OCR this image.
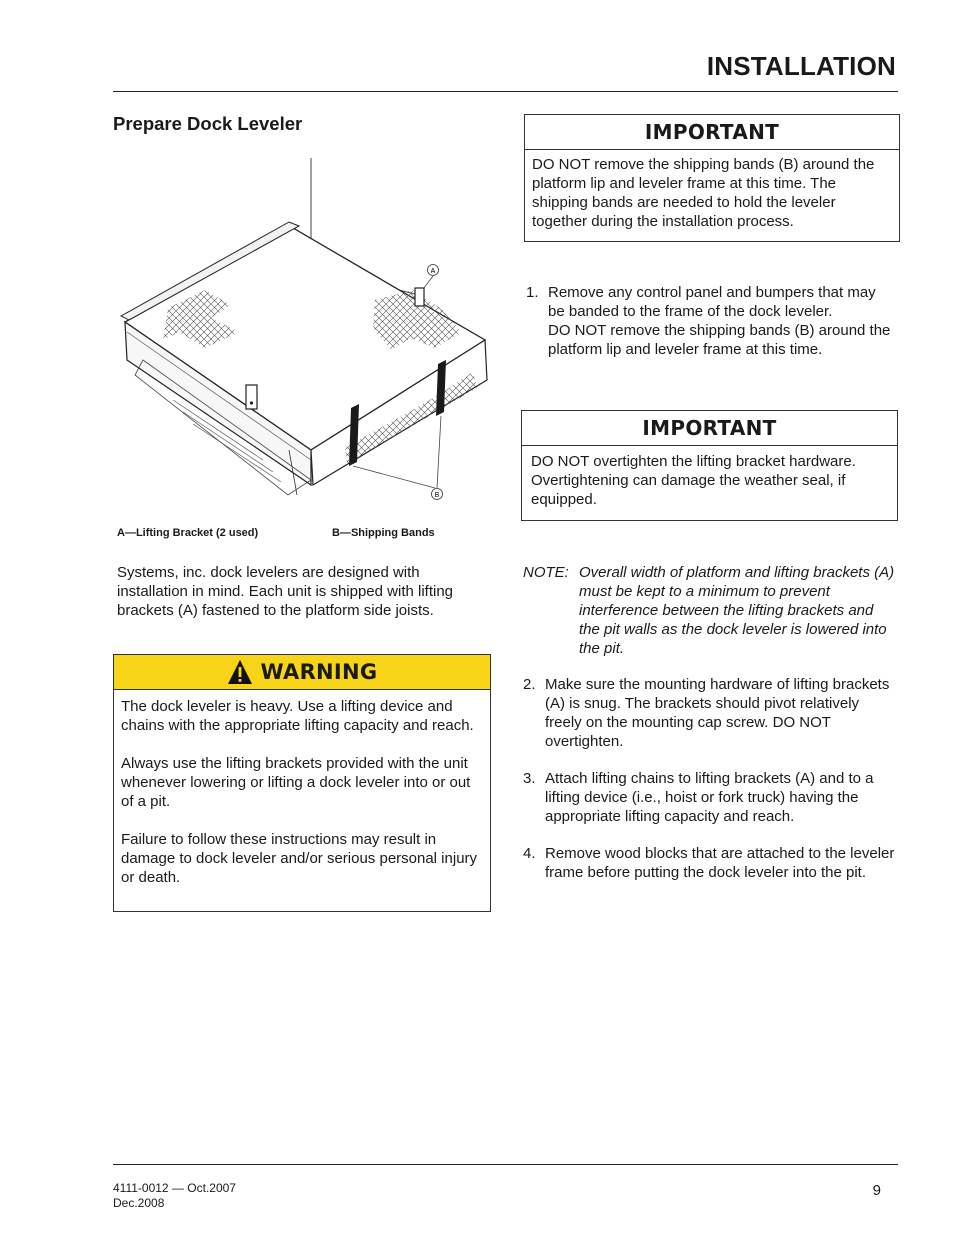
INSTALLATION
Prepare Dock Leveler
A
B
A—Lifting Bracket (2 used)	B—Shipping Bands
Systems, inc. dock levelers are designed with installation in mind. Each unit is shipped with lifting brackets (A) fastened to the platform side joists.
WARNING
The dock leveler is heavy. Use a lifting device and chains with the appropriate lifting capacity and reach.
Always use the lifting brackets provided with the unit whenever lowering or lifting a dock leveler into or out of a pit.
Failure to follow these instructions may result in damage to dock leveler and/or serious personal injury or death.
IMPORTANT
DO NOT remove the shipping bands (B) around the platform lip and leveler frame at this time. The shipping bands are needed to hold the leveler together during the installation process.
1. Remove any control panel and bumpers that may be banded to the frame of the dock leveler.
DO NOT remove the shipping bands (B) around the platform lip and leveler frame at this time.
IMPORTANT
DO NOT overtighten the lifting bracket hardware. Overtightening can damage the weather seal, if equipped.
NOTE: Overall width of platform and lifting brackets (A) must be kept to a minimum to prevent interference between the lifting brackets and the pit walls as the dock leveler is lowered into the pit.
2. Make sure the mounting hardware of lifting brackets (A) is snug. The brackets should pivot relatively freely on the mounting cap screw. DO NOT overtighten.
3. Attach lifting chains to lifting brackets (A) and to a lifting device (i.e., hoist or fork truck) having the appropriate lifting capacity and reach.
4. Remove wood blocks that are attached to the leveler frame before putting the dock leveler into the pit.
4111-0012 — Oct.2007
Dec.2008
9
